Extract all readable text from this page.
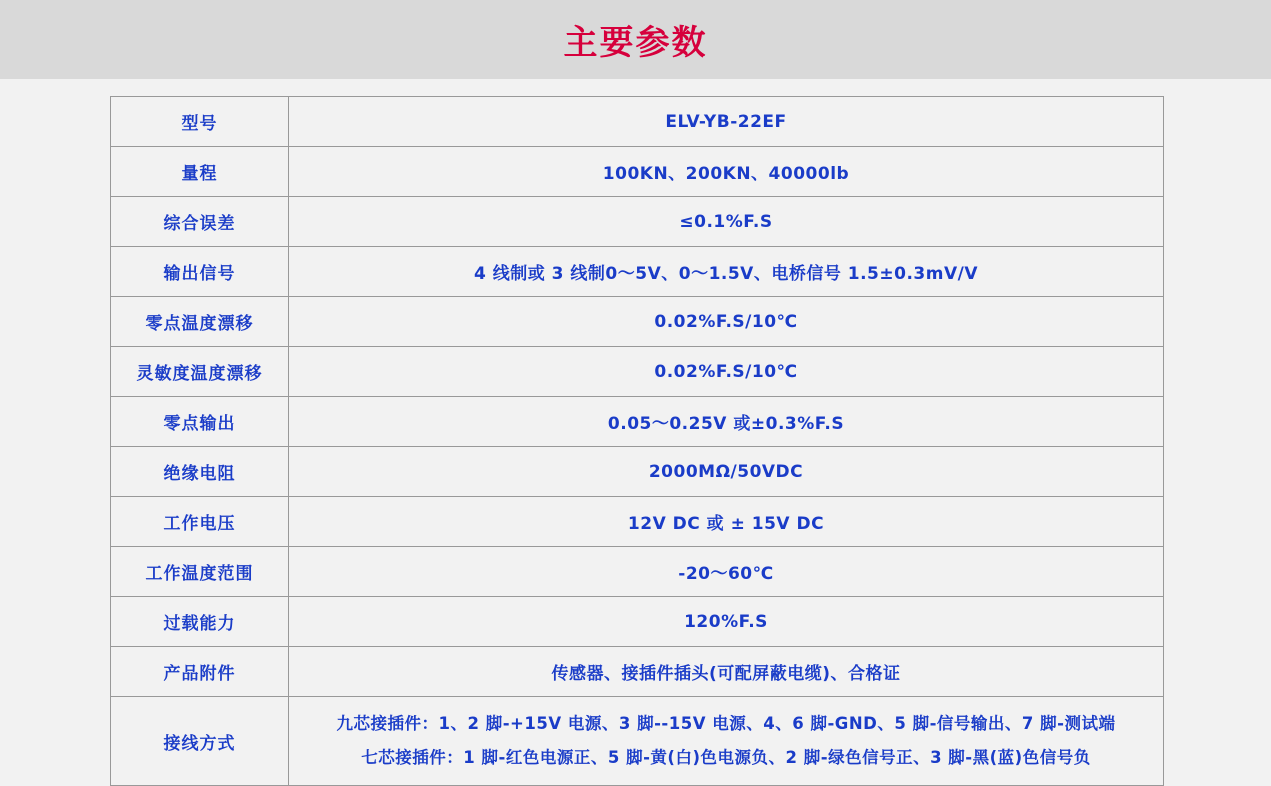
主要参数
型号	ELV-YB-22EF
量程	100KN、200KN、40000lb
综合误差	≤0.1%F.S
输出信号	4 线制或 3 线制0～5V、0～1.5V、电桥信号 1.5±0.3mV/V
零点温度漂移	0.02%F.S/10℃
灵敏度温度漂移	0.02%F.S/10℃
零点输出	0.05～0.25V 或±0.3%F.S
绝缘电阻	2000MΩ/50VDC
工作电压	12V DC 或 ± 15V DC
工作温度范围	-20～60℃
过载能力	120%F.S
产品附件	传感器、接插件插头(可配屏蔽电缆)、合格证
接线方式	九芯接插件：1、2 脚-+15V 电源、3 脚--15V 电源、4、6 脚-GND、5 脚-信号输出、7 脚-测试端
七芯接插件：1 脚-红色电源正、5 脚-黄(白)色电源负、2 脚-绿色信号正、3 脚-黑(蓝)色信号负
